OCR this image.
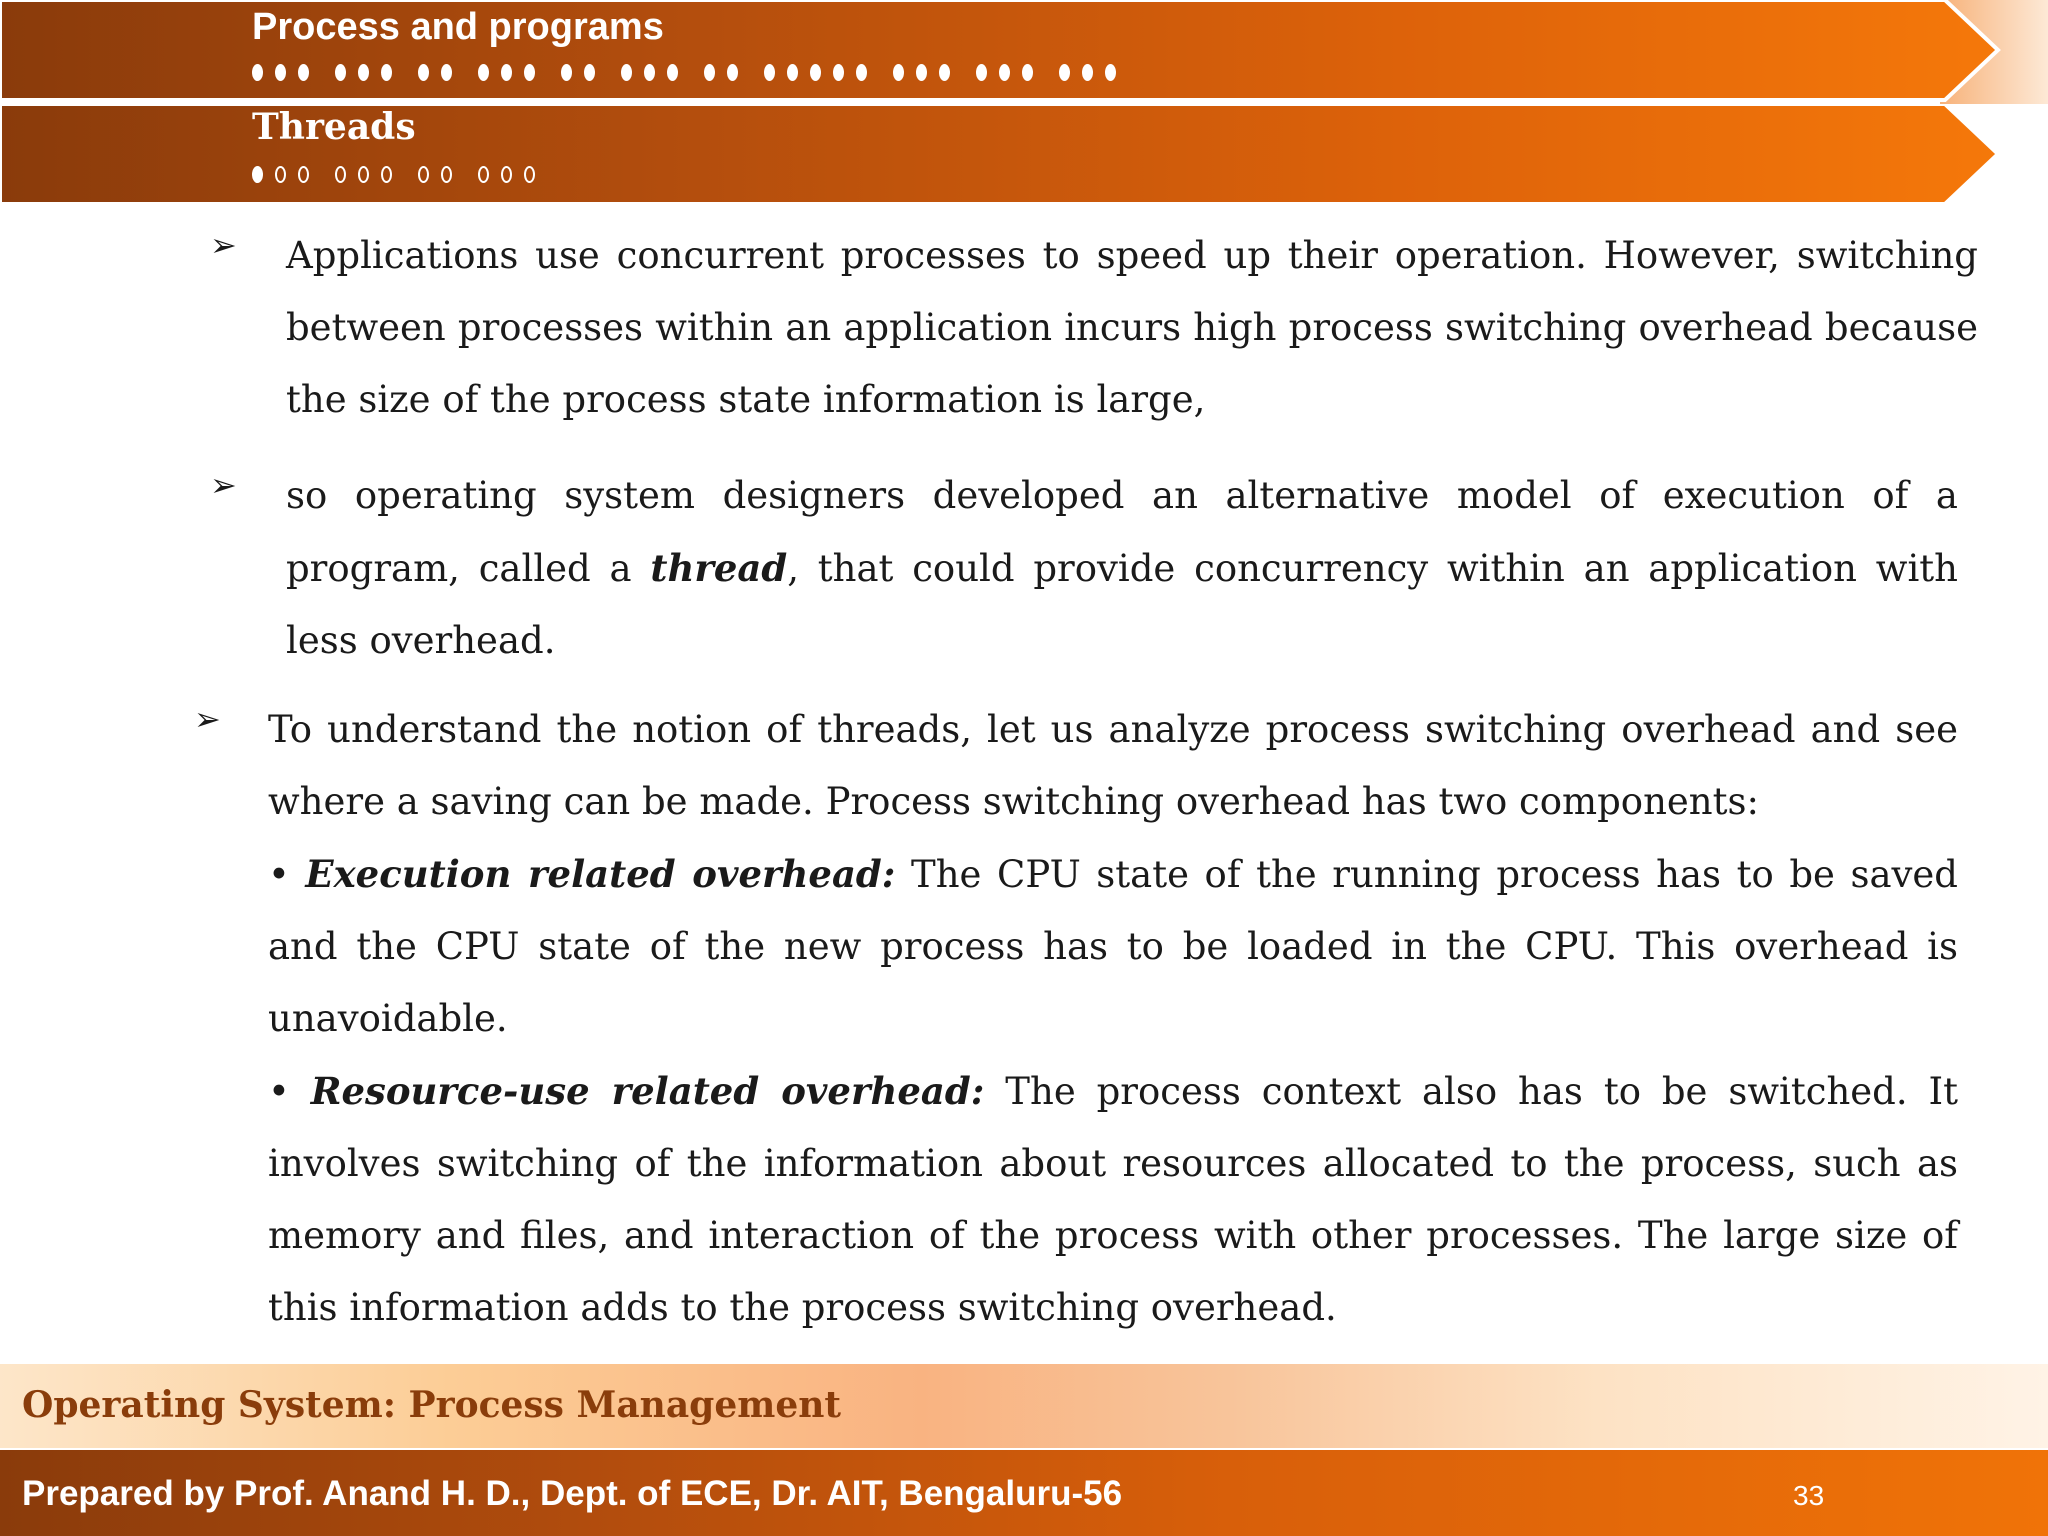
Process and programs
Threads
➢ Applications use concurrent processes to speed up their operation. However, switching between processes within an application incurs high process switching overhead because the size of the process state information is large,
➢ so operating system designers developed an alternative model of execution of a program, called a thread, that could provide concurrency within an application with less overhead.
➢ To understand the notion of threads, let us analyze process switching overhead and see where a saving can be made. Process switching overhead has two components:
• Execution related overhead: The CPU state of the running process has to be saved and the CPU state of the new process has to be loaded in the CPU. This overhead is unavoidable.
• Resource-use related overhead: The process context also has to be switched. It involves switching of the information about resources allocated to the process, such as memory and files, and interaction of the process with other processes. The large size of this information adds to the process switching overhead.
Operating System: Process Management
Prepared by Prof. Anand H. D., Dept. of ECE, Dr. AIT, Bengaluru-56	33
